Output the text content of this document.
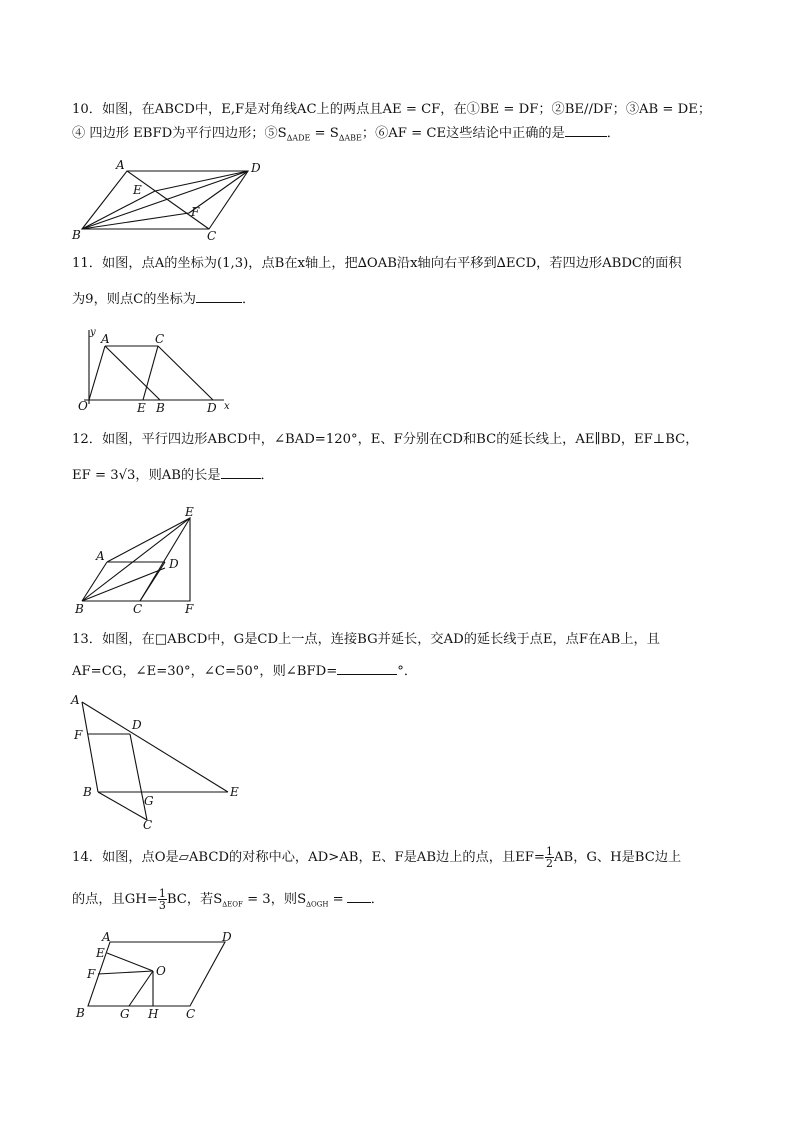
10．如图，在ABCD中，E,F是对角线AC上的两点且AE = CF，在①BE = DF；②BE//DF；③AB = DE；
④ 四边形 EBFD为平行四边形；$⑤S_{\Delta ADE} = S_{\Delta ABE}$；⑥AF = CE这些结论中正确的是	．
A	D
B	C
E
F
11．如图，点A的坐标为(1,3)，点B在x轴上，把∆OAB沿x轴向右平移到∆ECD，若四边形ABDC的面积
为9，则点C的坐标为	．
y
x
O
A	C
E B	D
12．如图，平行四边形ABCD中，∠BAD=120°，E、F分别在CD和BC的延长线上，AE∥BD，EF⊥BC，
EF = 3√3，则AB的长是	．
A
B	C
D
E
F
13．如图，在□ABCD中，G是CD上一点，连接BG并延长，交AD的延长线于点E，点F在AB上，且
AF=CG，∠E=30°，∠C=50°，则∠BFD=	°．
A
D
F
B
G
C
E
14．如图，点O是▱ABCD的对称中心，AD>AB，E、F是AB边上的点，且$EF= \frac{1}{2}$ AB，G、H是BC边上
的点，且$GH= \frac{1}{3}$ BC，若$S_{\Delta EOF} = 3$，则$S_{\Delta OGH}$ = ．
A	D
E
F	O
B	G H C
